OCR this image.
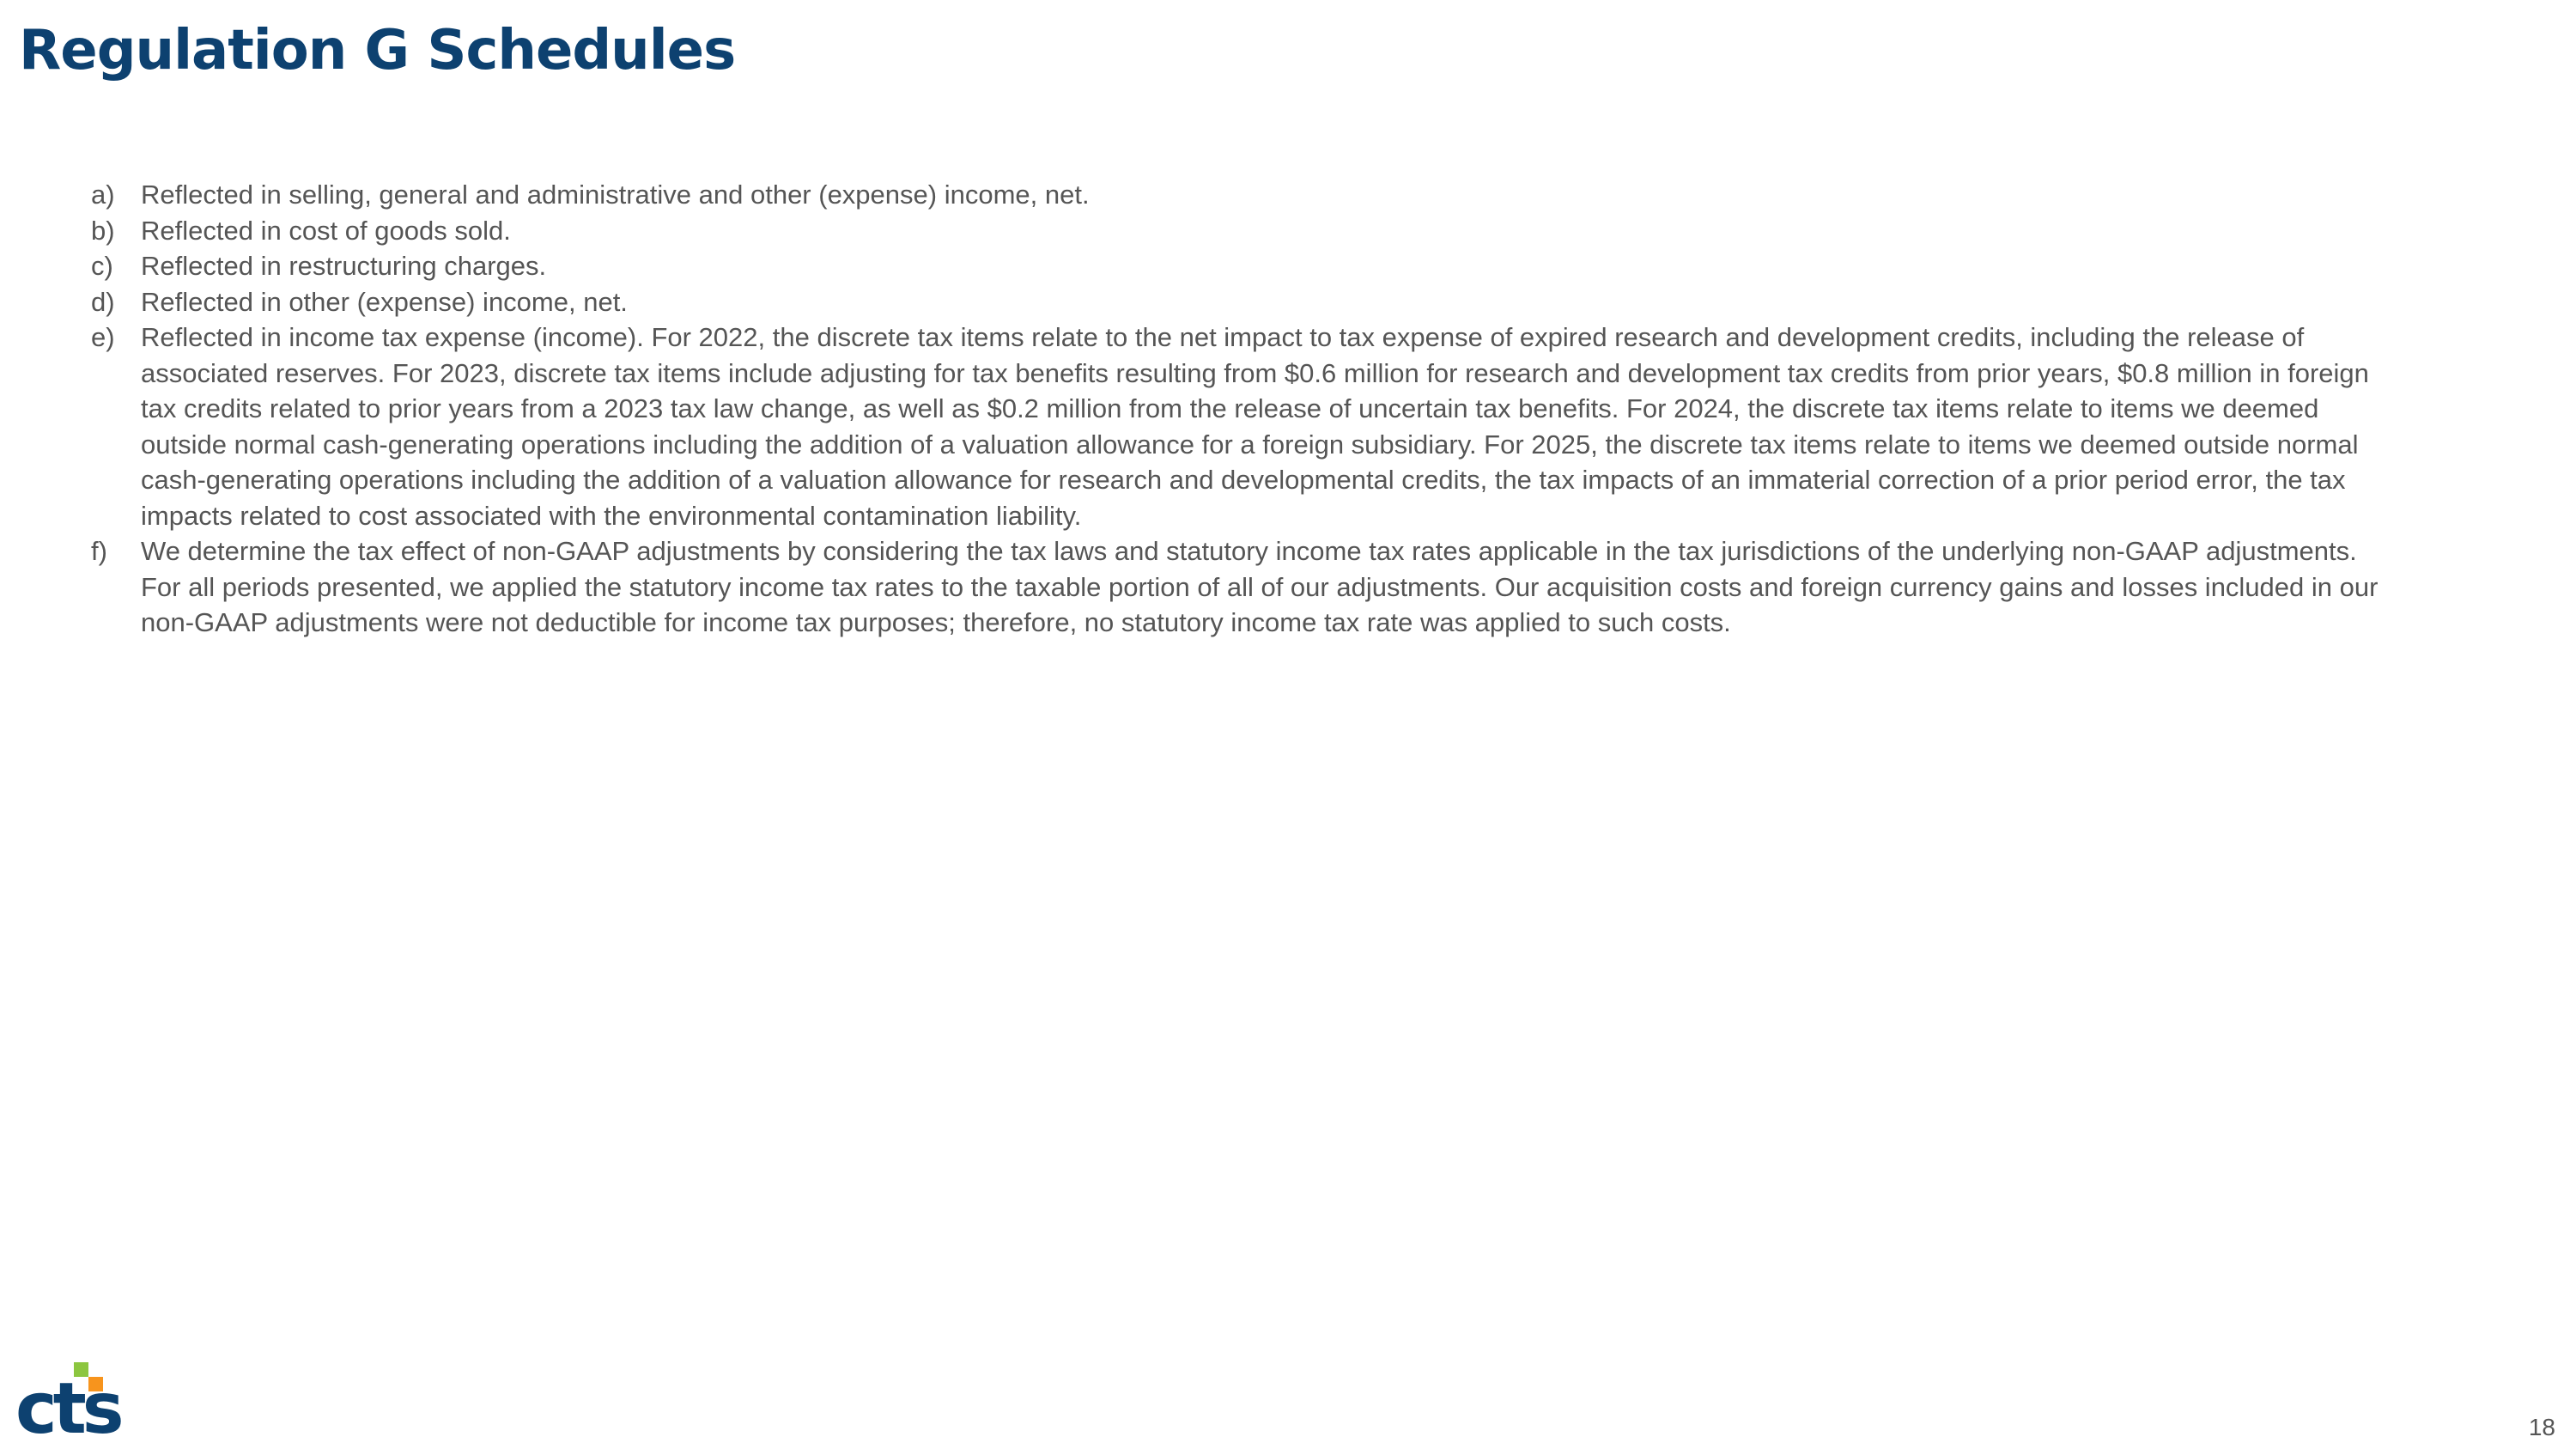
Regulation G Schedules
a) Reflected in selling, general and administrative and other (expense) income, net.
b) Reflected in cost of goods sold.
c) Reflected in restructuring charges.
d) Reflected in other (expense) income, net.
e) Reflected in income tax expense (income). For 2022, the discrete tax items relate to the net impact to tax expense of expired research and development credits, including the release of associated reserves. For 2023, discrete tax items include adjusting for tax benefits resulting from $0.6 million for research and development tax credits from prior years, $0.8 million in foreign tax credits related to prior years from a 2023 tax law change, as well as $0.2 million from the release of uncertain tax benefits. For 2024, the discrete tax items relate to items we deemed outside normal cash-generating operations including the addition of a valuation allowance for a foreign subsidiary. For 2025, the discrete tax items relate to items we deemed outside normal cash-generating operations including the addition of a valuation allowance for research and developmental credits, the tax impacts of an immaterial correction of a prior period error, the tax impacts related to cost associated with the environmental contamination liability.
f) We determine the tax effect of non-GAAP adjustments by considering the tax laws and statutory income tax rates applicable in the tax jurisdictions of the underlying non-GAAP adjustments. For all periods presented, we applied the statutory income tax rates to the taxable portion of all of our adjustments. Our acquisition costs and foreign currency gains and losses included in our non-GAAP adjustments were not deductible for income tax purposes; therefore, no statutory income tax rate was applied to such costs.
cts	18
